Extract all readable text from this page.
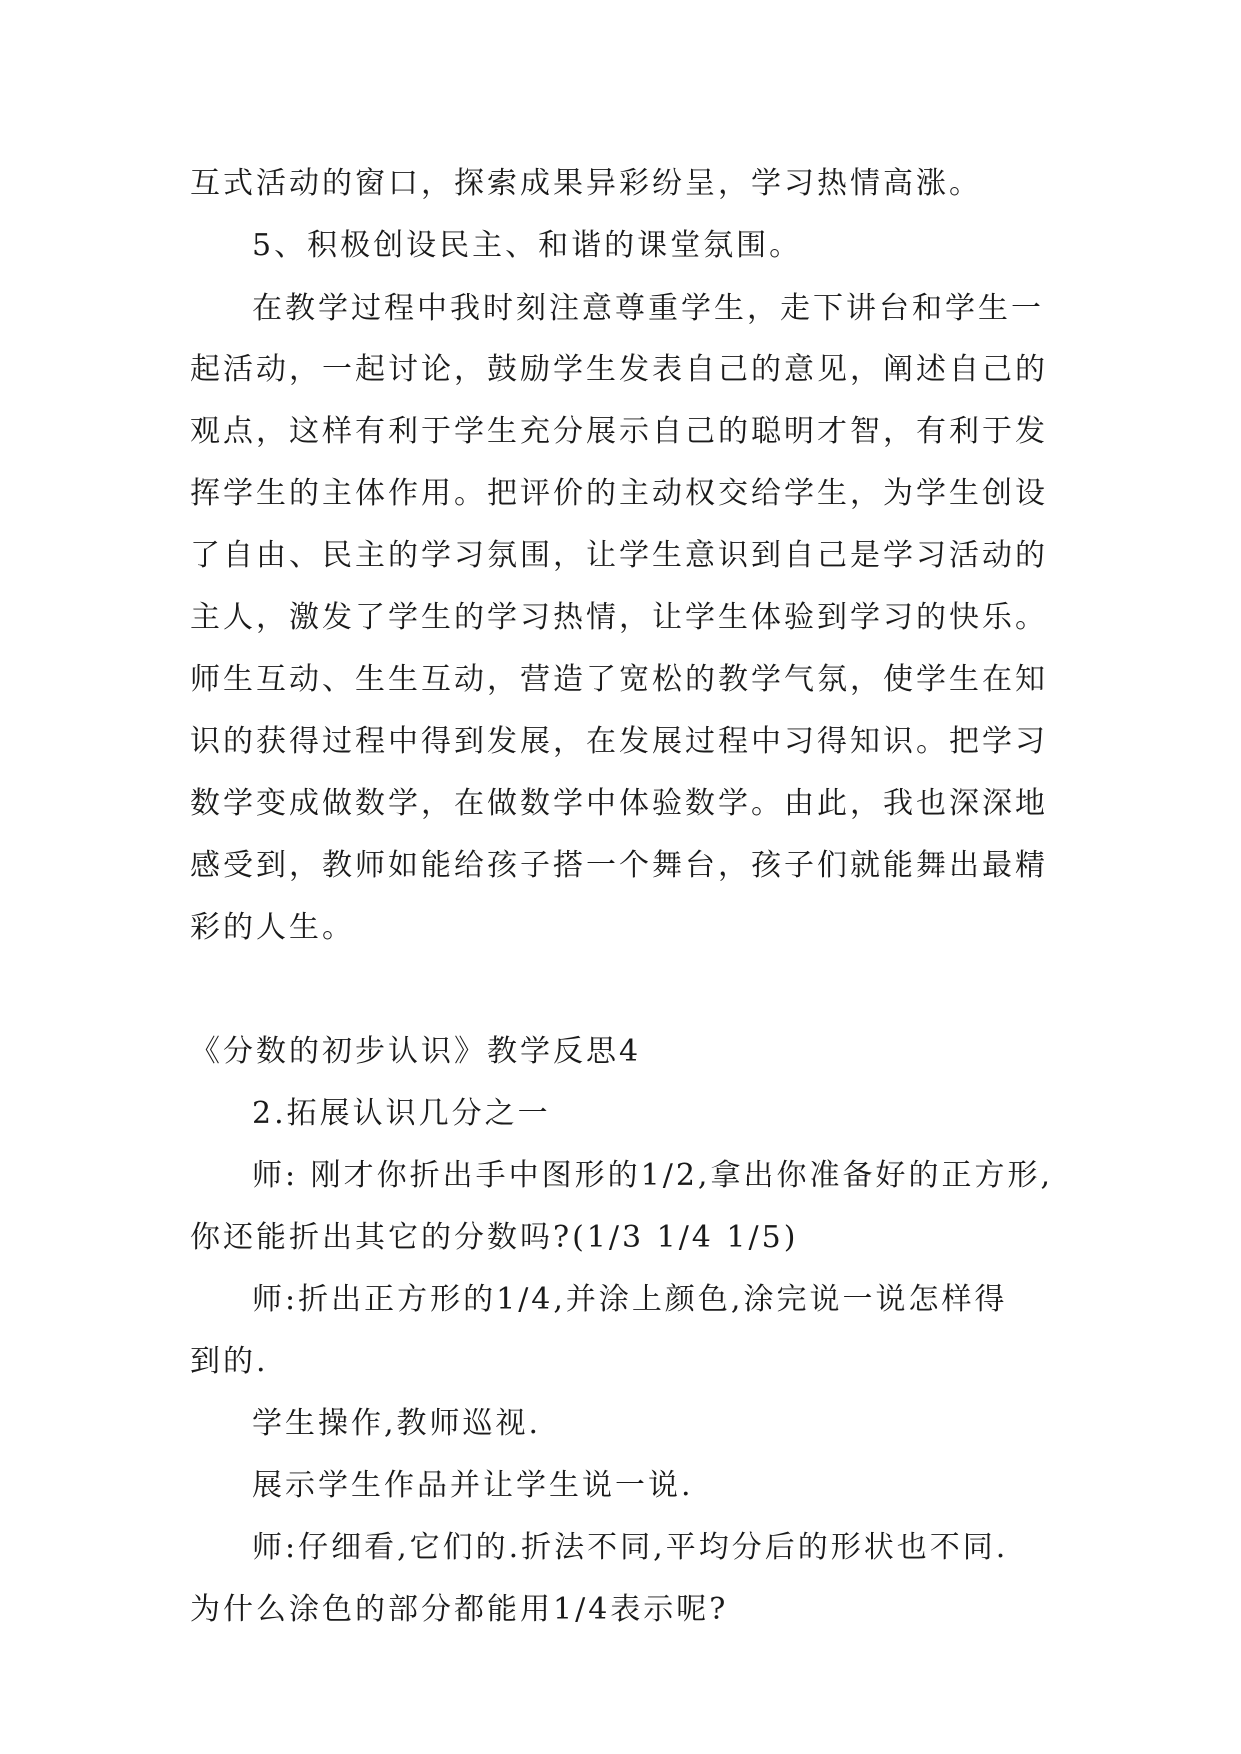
互式活动的窗口，探索成果异彩纷呈，学习热情高涨。
5、积极创设民主、和谐的课堂氛围。
在教学过程中我时刻注意尊重学生，走下讲台和学生一
起活动，一起讨论，鼓励学生发表自己的意见，阐述自己的
观点，这样有利于学生充分展示自己的聪明才智，有利于发
挥学生的主体作用。把评价的主动权交给学生，为学生创设
了自由、民主的学习氛围，让学生意识到自己是学习活动的
主人，激发了学生的学习热情，让学生体验到学习的快乐。
师生互动、生生互动，营造了宽松的教学气氛，使学生在知
识的获得过程中得到发展，在发展过程中习得知识。把学习
数学变成做数学，在做数学中体验数学。由此，我也深深地
感受到，教师如能给孩子搭一个舞台，孩子们就能舞出最精
彩的人生。
《分数的初步认识》教学反思4
2.拓展认识几分之一
师: 刚才你折出手中图形的1/2,拿出你准备好的正方形,
你还能折出其它的分数吗?(1/3 1/4 1/5)
师:折出正方形的1/4,并涂上颜色,涂完说一说怎样得
到的.
学生操作,教师巡视.
展示学生作品并让学生说一说.
师:仔细看,它们的.折法不同,平均分后的形状也不同.
为什么涂色的部分都能用1/4表示呢?
